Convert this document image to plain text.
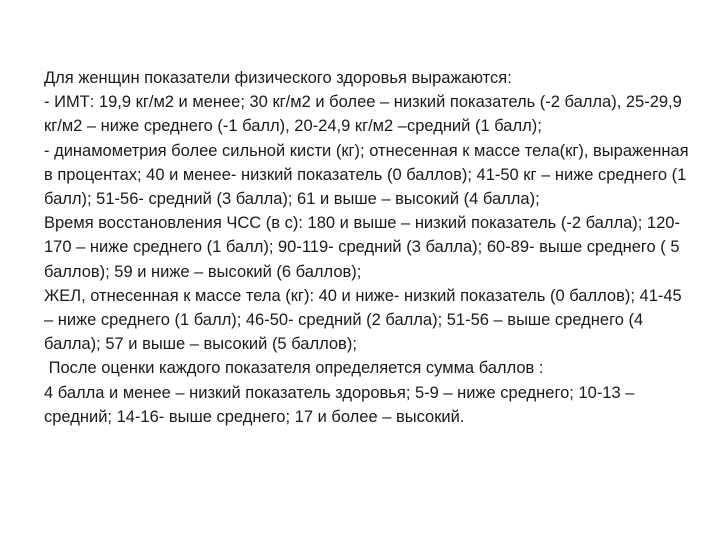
Для женщин показатели физического здоровья выражаются:

- ИМТ: 19,9 кг/м2 и менее; 30 кг/м2 и более – низкий показатель (-2 балла), 25-29,9 кг/м2 – ниже среднего (-1 балл), 20-24,9 кг/м2 –средний (1 балл);

- динамометрия более сильной кисти (кг); отнесенная к массе тела(кг), выраженная в процентах; 40 и менее- низкий показатель (0 баллов); 41-50 кг – ниже среднего (1 балл); 51-56- средний (3 балла); 61 и выше – высокий (4 балла);

Время восстановления ЧСС (в с): 180 и выше – низкий показатель (-2 балла); 120-170 – ниже среднего (1 балл); 90-119- средний (3 балла); 60-89- выше среднего ( 5 баллов); 59 и ниже – высокий (6 баллов);

ЖЕЛ, отнесенная к массе тела (кг): 40 и ниже- низкий показатель (0 баллов); 41-45 – ниже среднего (1 балл); 46-50- средний (2 балла); 51-56 – выше среднего (4 балла); 57 и выше – высокий (5 баллов);

После оценки каждого показателя определяется сумма баллов :

4 балла и менее – низкий показатель здоровья; 5-9 – ниже среднего; 10-13 – средний; 14-16- выше среднего; 17 и более – высокий.
